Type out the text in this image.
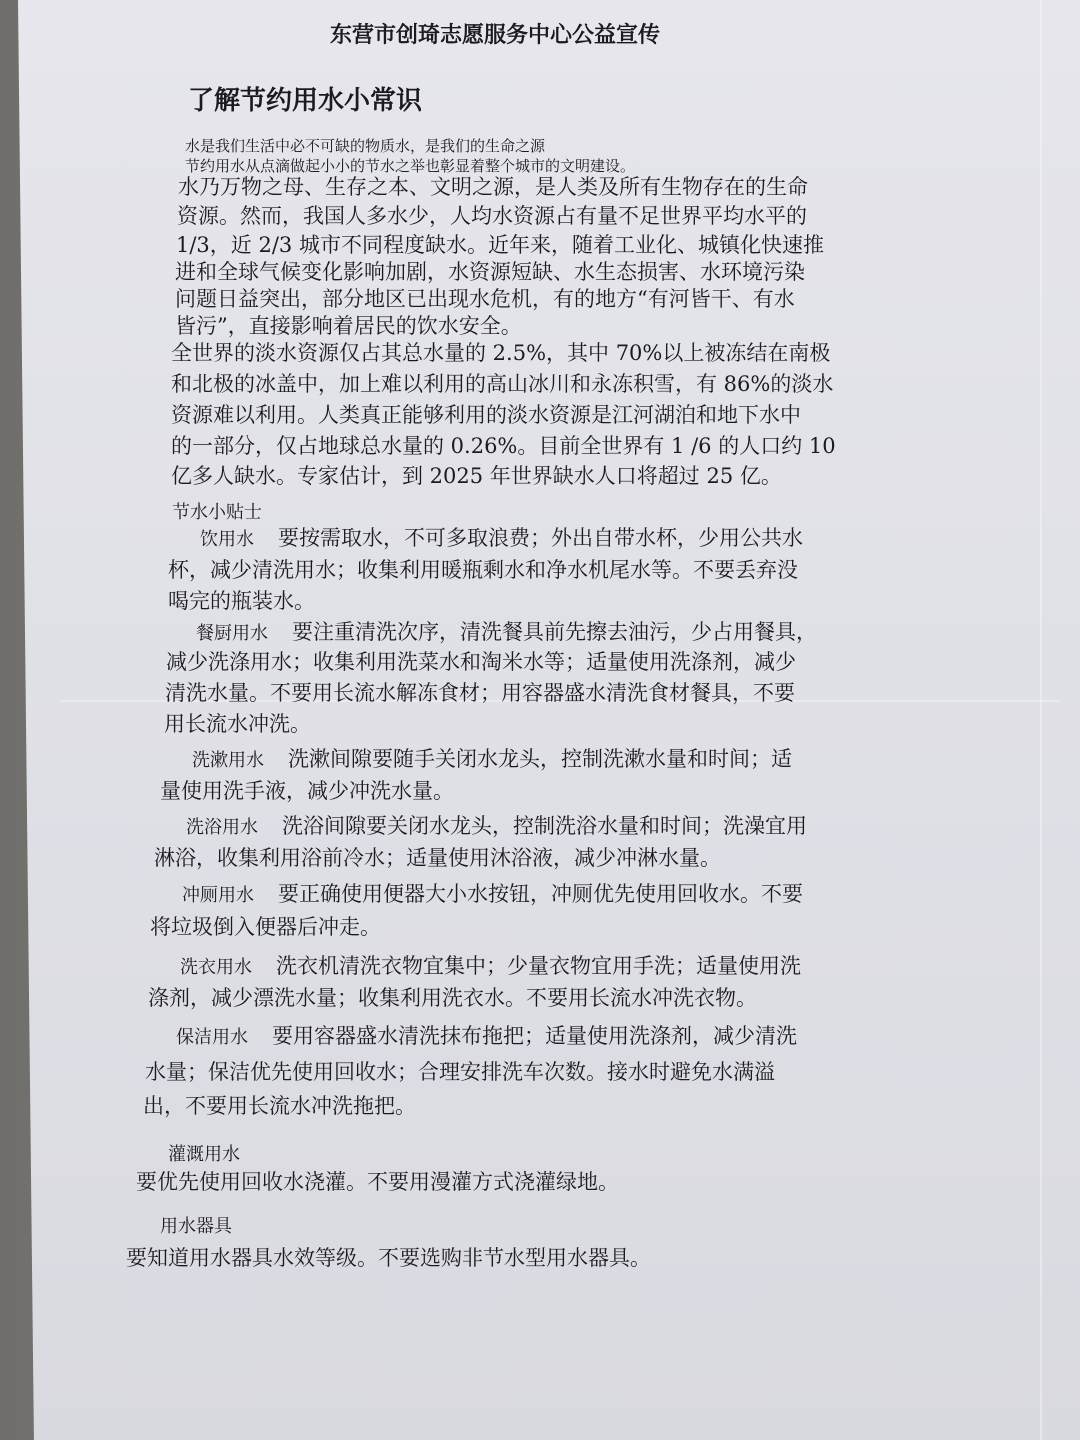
东营市创琦志愿服务中心公益宣传
了解节约用水小常识
水是我们生活中必不可缺的物质水，是我们的生命之源
节约用水从点滴做起小小的节水之举也彰显着整个城市的文明建设。
水乃万物之母、生存之本、文明之源，是人类及所有生物存在的生命
资源。然而，我国人多水少，人均水资源占有量不足世界平均水平的
1/3，近 2/3 城市不同程度缺水。近年来，随着工业化、城镇化快速推
进和全球气候变化影响加剧，水资源短缺、水生态损害、水环境污染
问题日益突出，部分地区已出现水危机，有的地方“有河皆干、有水
皆污”，直接影响着居民的饮水安全。
全世界的淡水资源仅占其总水量的 2.5%，其中 70%以上被冻结在南极
和北极的冰盖中，加上难以利用的高山冰川和永冻积雪，有 86%的淡水
资源难以利用。人类真正能够利用的淡水资源是江河湖泊和地下水中
的一部分，仅占地球总水量的 0.26%。目前全世界有 1 /6 的人口约 10
亿多人缺水。专家估计，到 2025 年世界缺水人口将超过 25 亿。
节水小贴士
饮用水 要按需取水，不可多取浪费；外出自带水杯，少用公共水
杯，减少清洗用水；收集利用暖瓶剩水和净水机尾水等。不要丢弃没
喝完的瓶装水。
餐厨用水 要注重清洗次序，清洗餐具前先擦去油污，少占用餐具，
减少洗涤用水；收集利用洗菜水和淘米水等；适量使用洗涤剂，减少
清洗水量。不要用长流水解冻食材；用容器盛水清洗食材餐具，不要
用长流水冲洗。
洗漱用水 洗漱间隙要随手关闭水龙头，控制洗漱水量和时间；适
量使用洗手液，减少冲洗水量。
洗浴用水 洗浴间隙要关闭水龙头，控制洗浴水量和时间；洗澡宜用
淋浴，收集利用浴前冷水；适量使用沐浴液，减少冲淋水量。
冲厕用水 要正确使用便器大小水按钮，冲厕优先使用回收水。不要
将垃圾倒入便器后冲走。
洗衣用水 洗衣机清洗衣物宜集中；少量衣物宜用手洗；适量使用洗
涤剂，减少漂洗水量；收集利用洗衣水。不要用长流水冲洗衣物。
保洁用水 要用容器盛水清洗抹布拖把；适量使用洗涤剂，减少清洗
水量；保洁优先使用回收水；合理安排洗车次数。接水时避免水满溢
出，不要用长流水冲洗拖把。
灌溉用水
要优先使用回收水浇灌。不要用漫灌方式浇灌绿地。
用水器具
要知道用水器具水效等级。不要选购非节水型用水器具。
